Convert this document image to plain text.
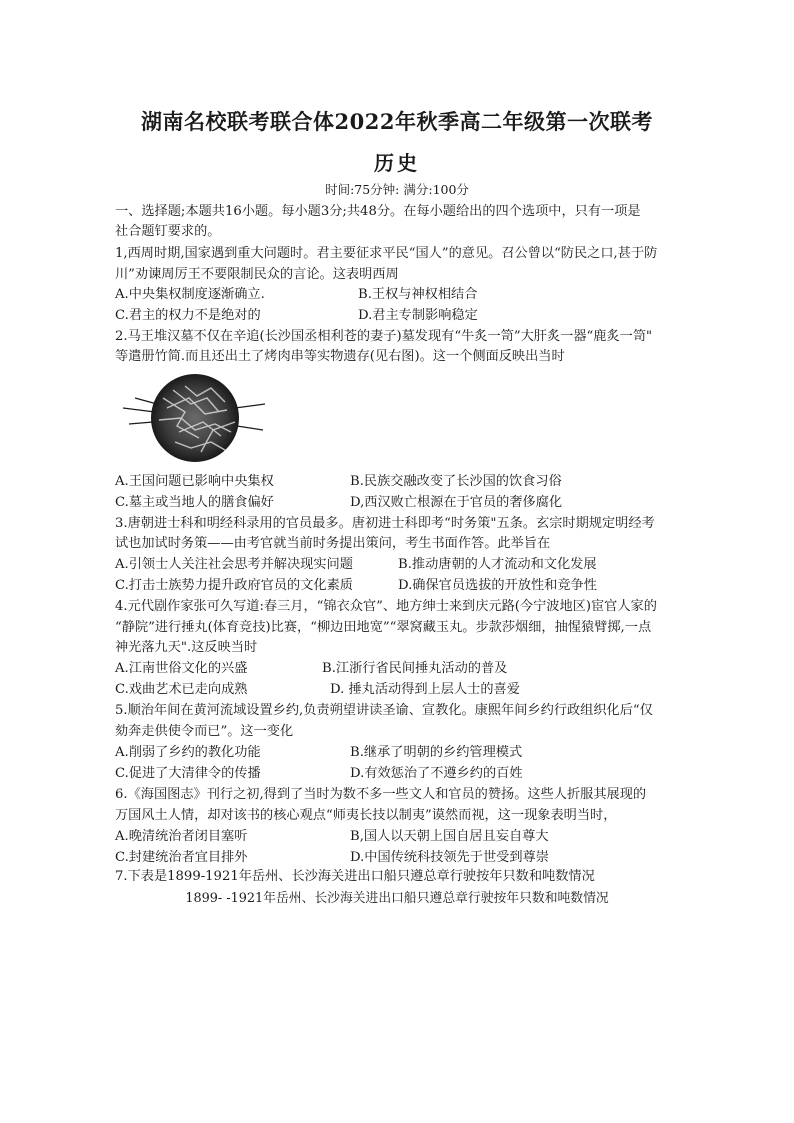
湖南名校联考联合体2022年秋季高二年级第一次联考
历史
时间:75分钟: 满分:100分
一、选择题;本题共16小题。每小题3分;共48分。在每小题给出的四个选项中，只有一项是
社合题钉要求的。
1,西周时期,国家遇到重大问题时。君主要征求平民“国人”的意见。召公曾以“防民之口,甚于防
川”劝谏周厉王不要限制民众的言论。这表明西周
A.中央集权制度逐渐确立.	B.王权与神权相结合
C.君主的权力不是绝对的	D.君主专制影响稳定
2.马王堆汉墓不仅在辛追(长沙国丞相利苍的妻子)墓发现有“牛炙一笥”大肝炙一器“鹿炙一笥"
等遣册竹简.而且还出土了烤肉串等实物遗存(见右图)。这一个侧面反映出当时
A.王国问题已影响中央集权	B.民族交融改变了长沙国的饮食习俗
C.墓主或当地人的膳食偏好	D,西汉败亡根源在于官员的奢侈腐化
3.唐朝进士科和明经科录用的官员最多。唐初进士科即考“时务策"五条。玄宗时期规定明经考
试也加试时务策——由考官就当前时务提出策问，考生书面作答。此举旨在
A.引领士人关注社会思考并解决现实问题	B.推动唐朝的人才流动和文化发展
C.打击士族势力提升政府官员的文化素质	D.确保官员选拔的开放性和竞争性
4.元代剧作家张可久写道:春三月，“锦衣众官”、地方绅士来到庆元路(今宁波地区)宦官人家的
“静院”进行捶丸(体育竞技)比赛，“柳边田地宽”“翠窝藏玉丸。步款莎烟细，抽惺猿臂掷,一点
神光落九天".这反映当时
A.江南世俗文化的兴盛	B.江浙行省民间捶丸活动的普及
C.戏曲艺术已走向成熟	D. 捶丸活动得到上层人士的喜爱
5.顺治年间在黄河流域设置乡约,负责朔望讲读圣谕、宣教化。康熙年间乡约行政组织化后“仅
劾奔走供使令而已”。这一变化
A.削弱了乡约的教化功能	B.继承了明朝的乡约管理模式
C.促进了大清律令的传播	D.有效惩治了不遵乡约的百姓
6.《海国图志》刊行之初,得到了当时为数不多一些文人和官员的赞扬。这些人折服其展现的
万国风土人情，却对该书的核心观点“师夷长技以制夷”谟然而视，这一现象表明当时，
A.晚清统治者闭目塞听	B,国人以天朝上国自居且妄自尊大
C.封建统治者宜目排外	D.中国传统科技领先于世受到尊崇
7.下表是1899-1921年岳州、长沙海关进出口船只遵总章行驶按年只数和吨数情况
1899- -1921年岳州、长沙海关进出口船只遵总章行驶按年只数和吨数情况
